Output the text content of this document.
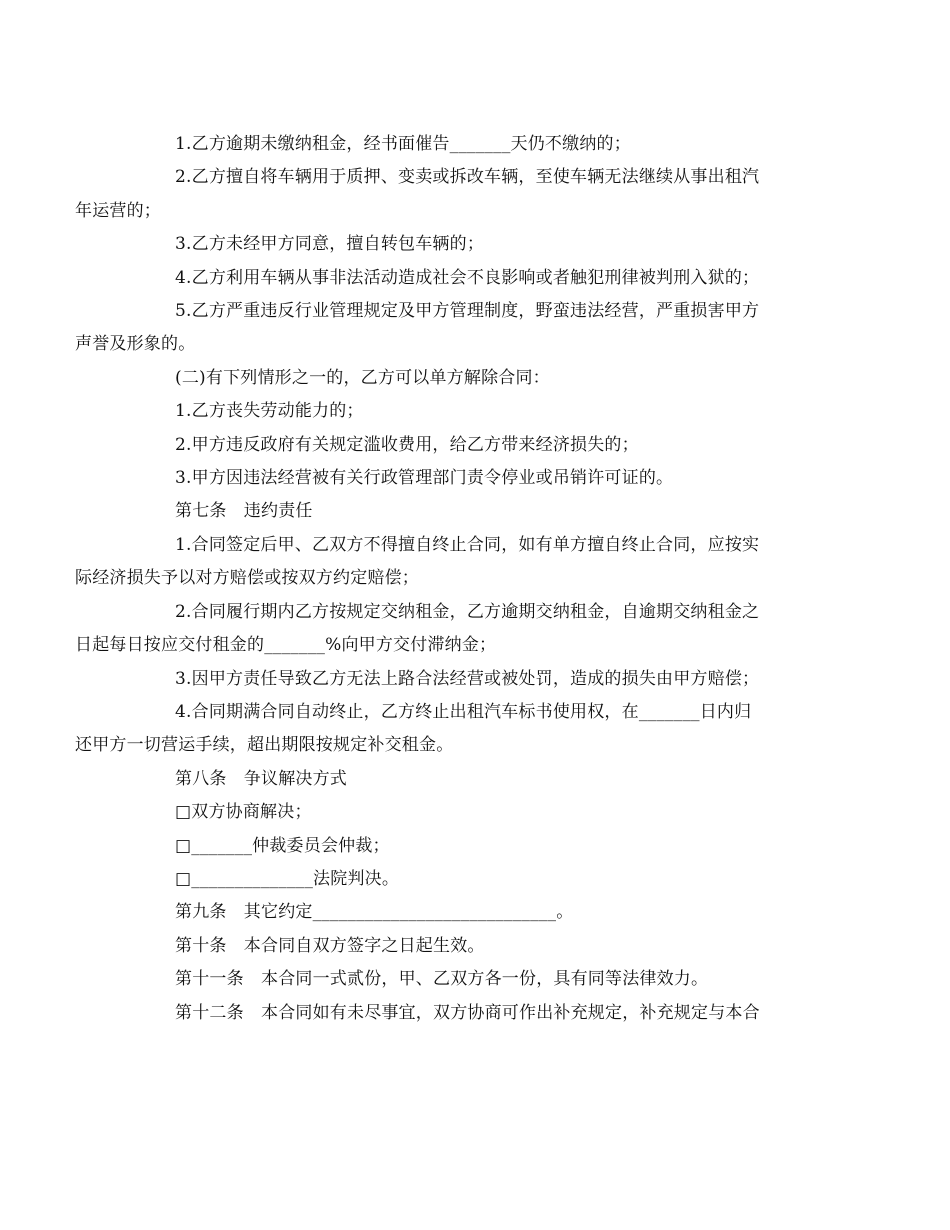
1.乙方逾期未缴纳租金，经书面催告_______天仍不缴纳的；

2.乙方擅自将车辆用于质押、变卖或拆改车辆，至使车辆无法继续从事出租汽

年运营的；

3.乙方未经甲方同意，擅自转包车辆的；

4.乙方利用车辆从事非法活动造成社会不良影响或者触犯刑律被判刑入狱的；

5.乙方严重违反行业管理规定及甲方管理制度，野蛮违法经营，严重损害甲方

声誉及形象的。

(二)有下列情形之一的，乙方可以单方解除合同：

1.乙方丧失劳动能力的；

2.甲方违反政府有关规定滥收费用，给乙方带来经济损失的；

3.甲方因违法经营被有关行政管理部门责令停业或吊销许可证的。

第七条　违约责任

1.合同签定后甲、乙双方不得擅自终止合同，如有单方擅自终止合同，应按实

际经济损失予以对方赔偿或按双方约定赔偿；

2.合同履行期内乙方按规定交纳租金，乙方逾期交纳租金，自逾期交纳租金之

日起每日按应交付租金的_______%向甲方交付滞纳金；

3.因甲方责任导致乙方无法上路合法经营或被处罚，造成的损失由甲方赔偿；

4.合同期满合同自动终止，乙方终止出租汽车标书使用权，在_______日内归

还甲方一切营运手续，超出期限按规定补交租金。

第八条　争议解决方式

□双方协商解决；

□_______仲裁委员会仲裁；

□______________法院判决。

第九条　其它约定____________________________。

第十条　本合同自双方签字之日起生效。

第十一条　本合同一式贰份，甲、乙双方各一份，具有同等法律效力。

第十二条　本合同如有未尽事宜，双方协商可作出补充规定，补充规定与本合
